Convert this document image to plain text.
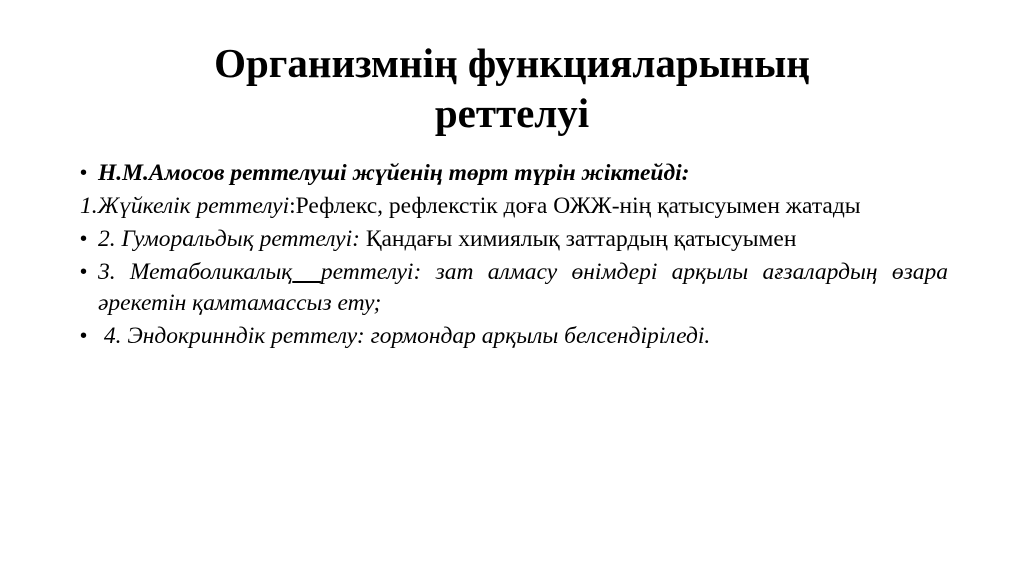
Организмнің функцияларының
реттелуі
• Н.М.Амосов реттелуші жүйенің төрт түрін жіктейді:
1.Жүйкелік реттелуі:Рефлекс, рефлекстік доға ОЖЖ-нің қатысуымен жатады
• 2. Гуморальдық реттелуі: Қандағы химиялық заттардың қатысуымен
• 3. Метаболикалық реттелуі: зат алмасу өнімдері арқылы ағзалардың өзара әрекетін қамтамассыз ету;
•  4. Эндокринндік реттелу: гормондар арқылы белсендіріледі.
